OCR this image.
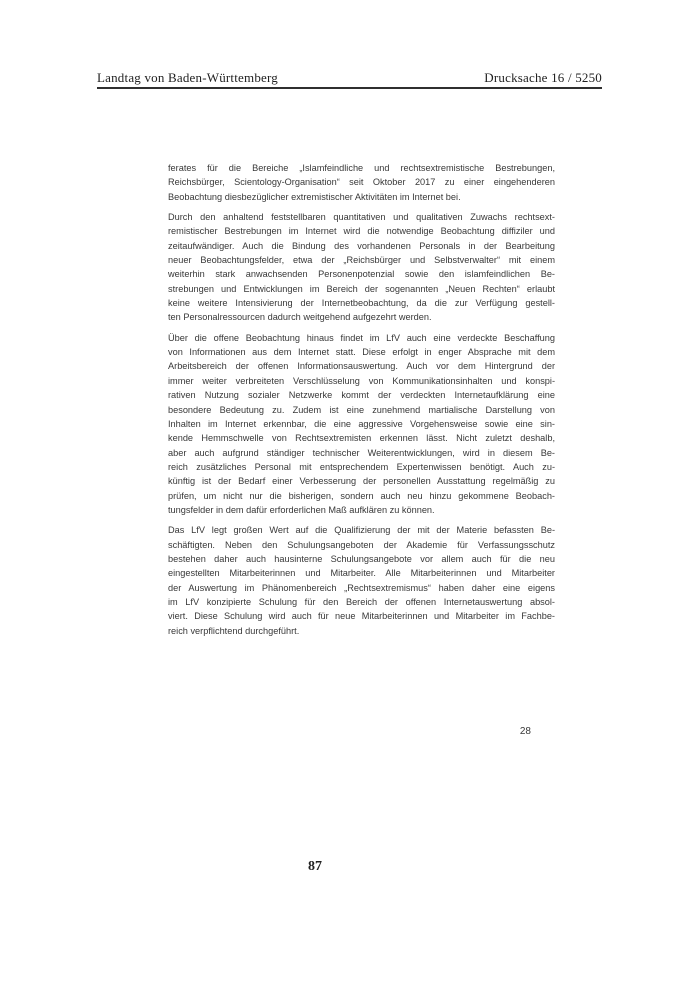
Landtag von Baden-Württemberg	Drucksache 16 / 5250
ferates für die Bereiche „Islamfeindliche und rechtsextremistische Bestrebungen,
Reichsbürger, Scientology-Organisation“ seit Oktober 2017 zu einer eingehenderen
Beobachtung diesbezüglicher extremistischer Aktivitäten im Internet bei.
Durch den anhaltend feststellbaren quantitativen und qualitativen Zuwachs rechtsext-
remistischer Bestrebungen im Internet wird die notwendige Beobachtung diffiziler und
zeitaufwändiger. Auch die Bindung des vorhandenen Personals in der Bearbeitung
neuer Beobachtungsfelder, etwa der „Reichsbürger und Selbstverwalter“ mit einem
weiterhin stark anwachsenden Personenpotenzial sowie den islamfeindlichen Be-
strebungen und Entwicklungen im Bereich der sogenannten „Neuen Rechten“ erlaubt
keine weitere Intensivierung der Internetbeobachtung, da die zur Verfügung gestell-
ten Personalressourcen dadurch weitgehend aufgezehrt werden.
Über die offene Beobachtung hinaus findet im LfV auch eine verdeckte Beschaffung
von Informationen aus dem Internet statt. Diese erfolgt in enger Absprache mit dem
Arbeitsbereich der offenen Informationsauswertung. Auch vor dem Hintergrund der
immer weiter verbreiteten Verschlüsselung von Kommunikationsinhalten und konspi-
rativen Nutzung sozialer Netzwerke kommt der verdeckten Internetaufklärung eine
besondere Bedeutung zu. Zudem ist eine zunehmend martialische Darstellung von
Inhalten im Internet erkennbar, die eine aggressive Vorgehensweise sowie eine sin-
kende Hemmschwelle von Rechtsextremisten erkennen lässt. Nicht zuletzt deshalb,
aber auch aufgrund ständiger technischer Weiterentwicklungen, wird in diesem Be-
reich zusätzliches Personal mit entsprechendem Expertenwissen benötigt. Auch zu-
künftig ist der Bedarf einer Verbesserung der personellen Ausstattung regelmäßig zu
prüfen, um nicht nur die bisherigen, sondern auch neu hinzu gekommene Beobach-
tungsfelder in dem dafür erforderlichen Maß aufklären zu können.
Das LfV legt großen Wert auf die Qualifizierung der mit der Materie befassten Be-
schäftigten. Neben den Schulungsangeboten der Akademie für Verfassungsschutz
bestehen daher auch hausinterne Schulungsangebote vor allem auch für die neu
eingestellten Mitarbeiterinnen und Mitarbeiter. Alle Mitarbeiterinnen und Mitarbeiter
der Auswertung im Phänomenbereich „Rechtsextremismus“ haben daher eine eigens
im LfV konzipierte Schulung für den Bereich der offenen Internetauswertung absol-
viert. Diese Schulung wird auch für neue Mitarbeiterinnen und Mitarbeiter im Fachbe-
reich verpflichtend durchgeführt.
28
87
